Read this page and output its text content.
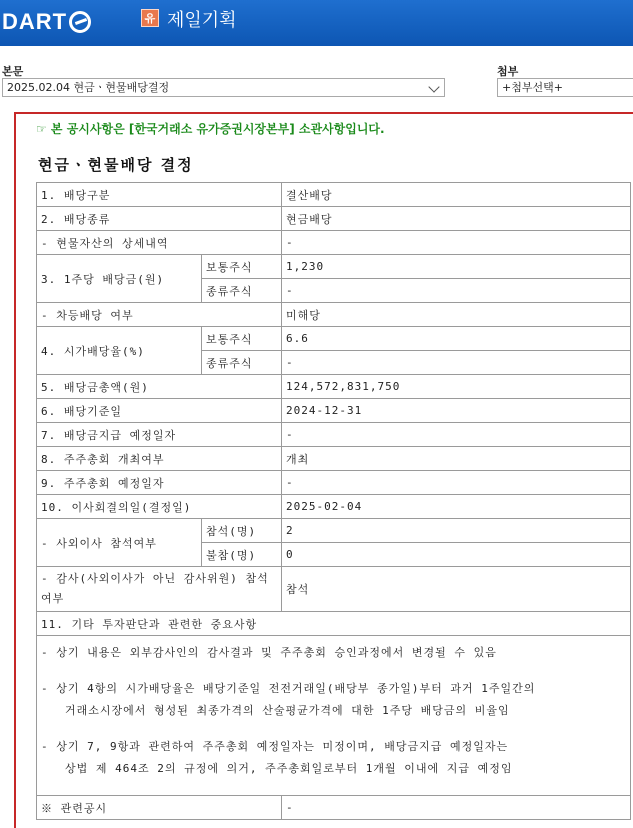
DART	유 제일기획
본문
2025.02.04 현금ㆍ현물배당결정
첨부
+첨부선택+
☞ 본 공시사항은 [한국거래소 유가증권시장본부] 소관사항입니다.
현금ㆍ현물배당 결정
1. 배당구분		결산배당
2. 배당종류		현금배당
- 현물자산의 상세내역		-
3. 1주당 배당금(원)	보통주식	1,230
	종류주식	-
- 차등배당 여부		미해당
4. 시가배당율(%)	보통주식	6.6
	종류주식	-
5. 배당금총액(원)		124,572,831,750
6. 배당기준일		2024-12-31
7. 배당금지급 예정일자		-
8. 주주총회 개최여부		개최
9. 주주총회 예정일자		-
10. 이사회결의일(결정일)		2025-02-04
- 사외이사 참석여부	참석(명)	2
	불참(명)	0
- 감사(사외이사가 아닌 감사위원) 참석여부		참석
11. 기타 투자판단과 관련한 중요사항		

- 상기 내용은 외부감사인의 감사결과 및 주주총회 승인과정에서 변경될 수 있음
- 상기 4항의 시가배당율은 배당기준일 전전거래일(배당부 종가일)부터 과거 1주일간의
거래소시장에서 형성된 최종가격의 산술평균가격에 대한 1주당 배당금의 비율임
- 상기 7, 9항과 관련하여 주주총회 예정일자는 미정이며, 배당금지급 예정일자는
상법 제 464조 2의 규정에 의거, 주주총회일로부터 1개월 이내에 지급 예정임		

※ 관련공시		-
